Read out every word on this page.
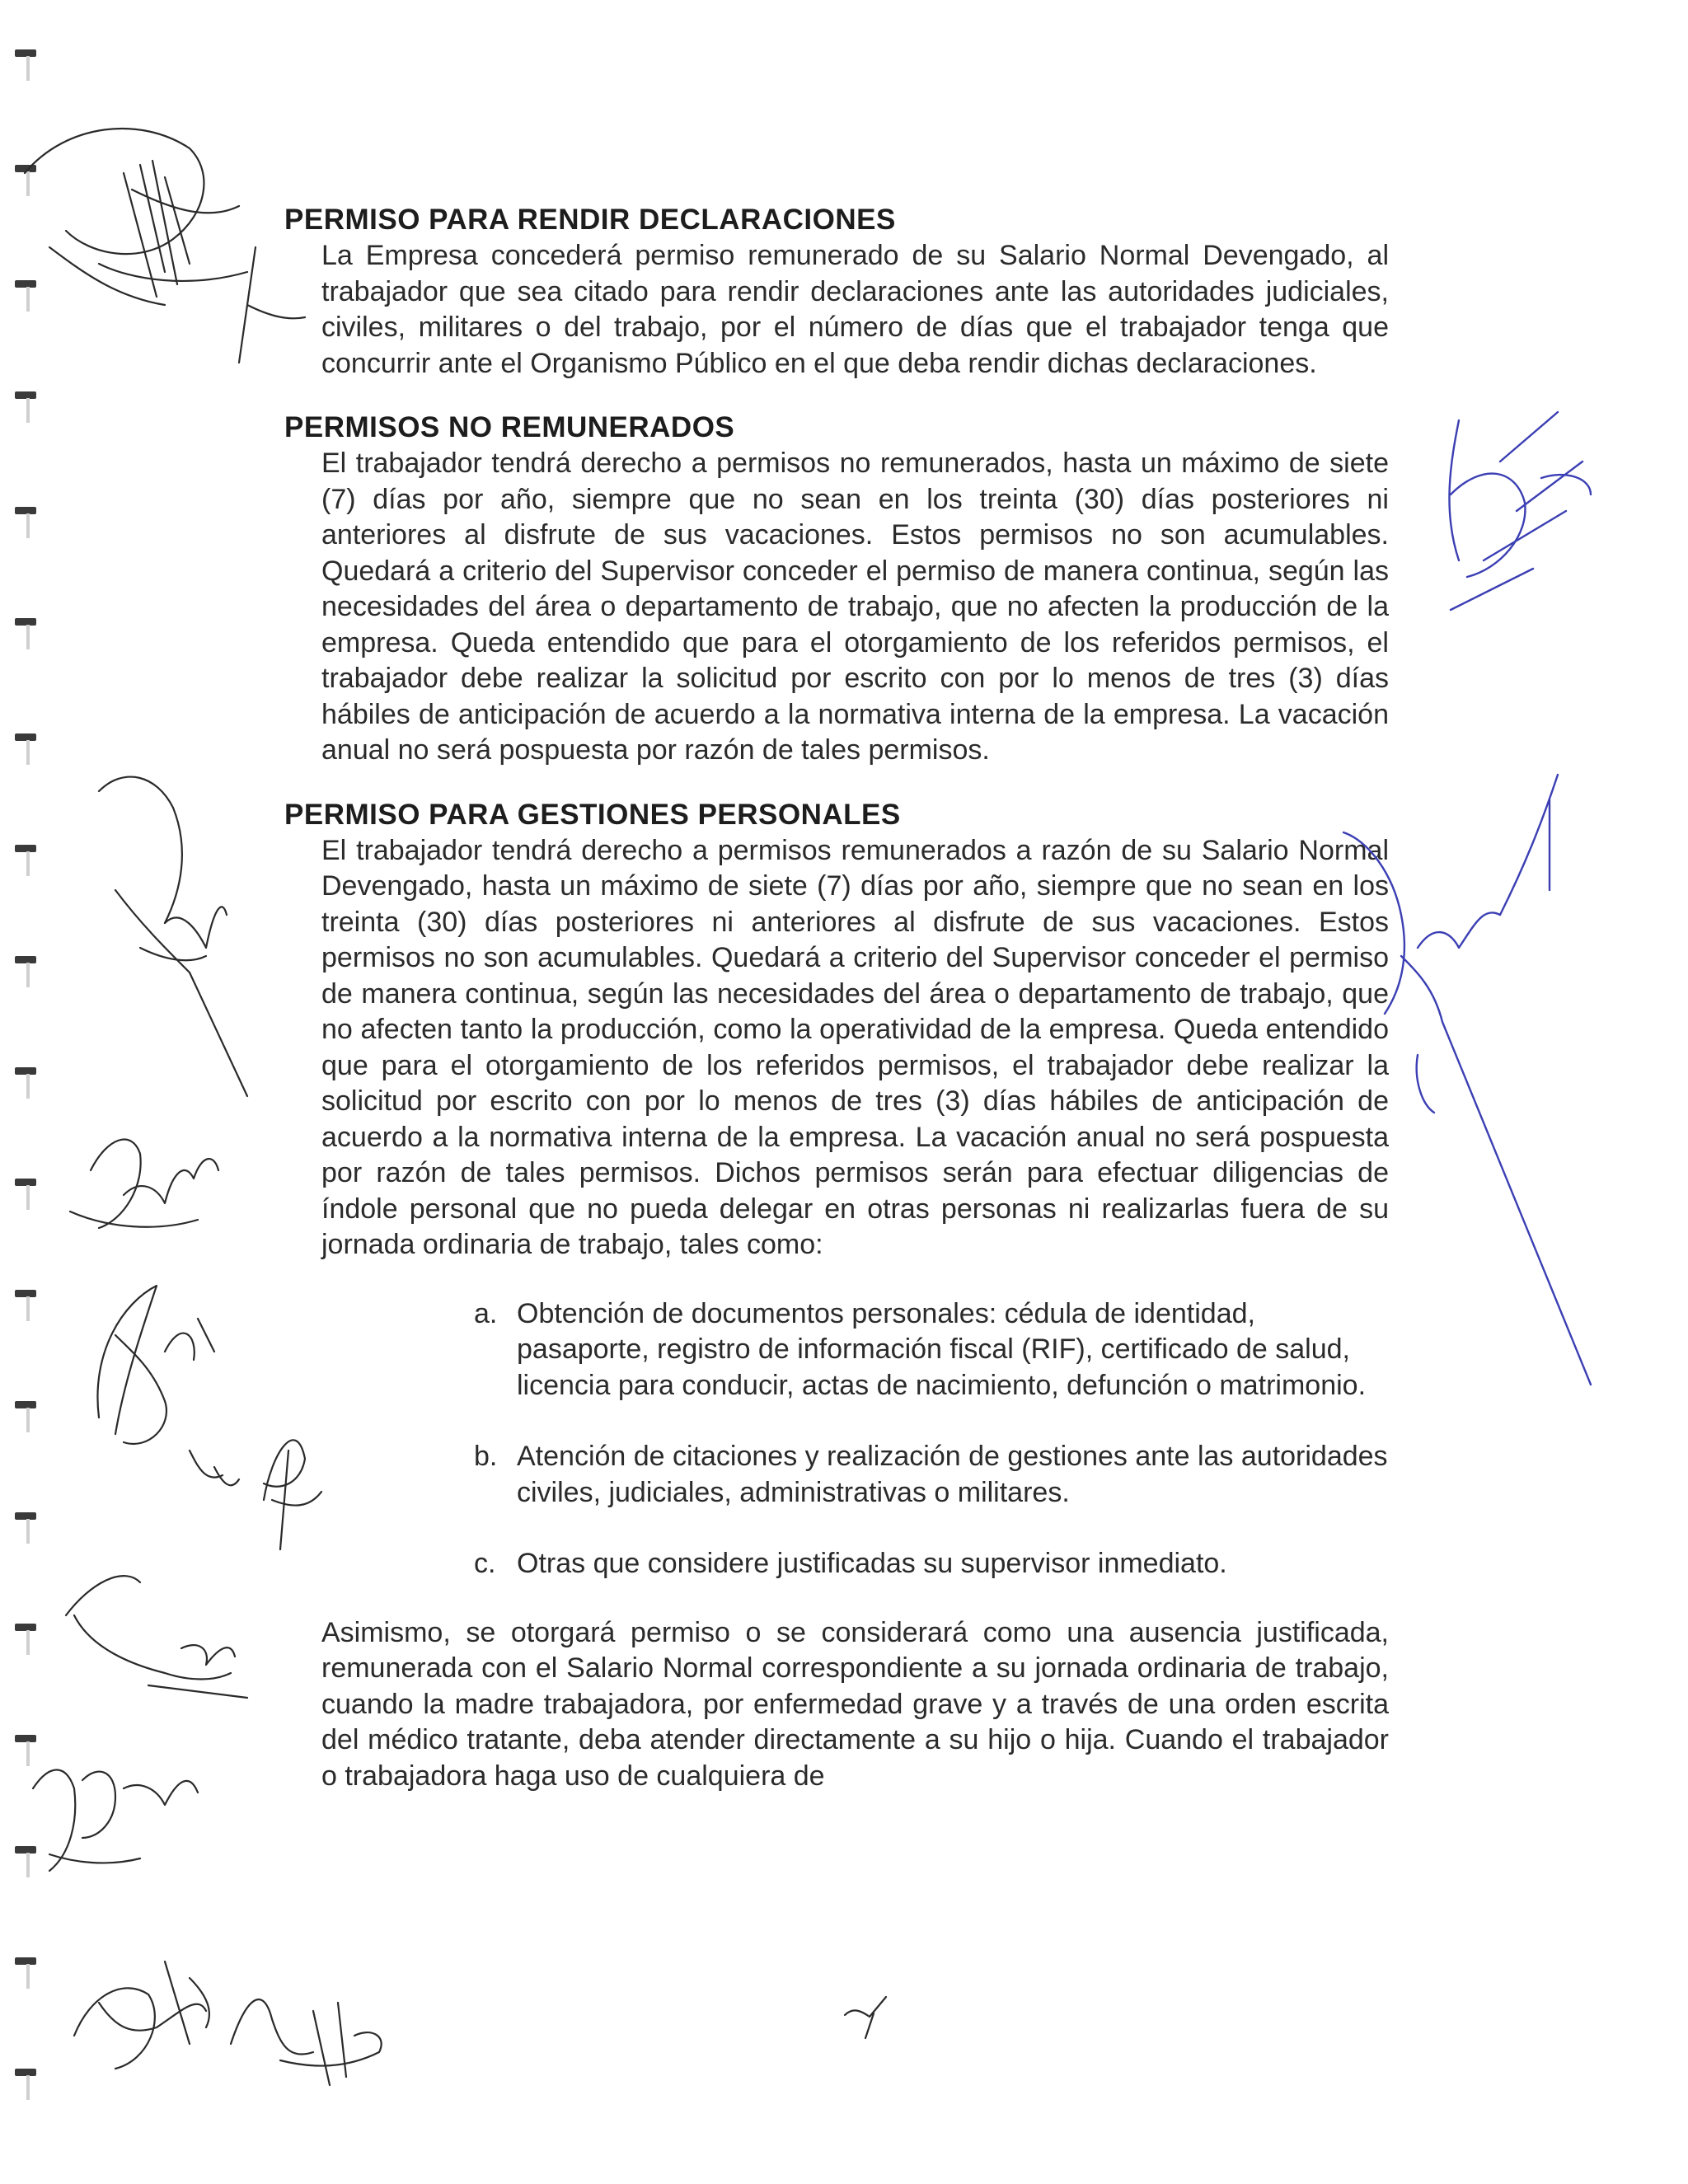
PERMISO PARA RENDIR DECLARACIONES

La Empresa concederá permiso remunerado de su Salario Normal Devengado, al trabajador que sea citado para rendir declaraciones ante las autoridades judiciales, civiles, militares o del trabajo, por el número de días que el trabajador tenga que concurrir ante el Organismo Público en el que deba rendir dichas declaraciones.

PERMISOS NO REMUNERADOS

El trabajador tendrá derecho a permisos no remunerados, hasta un máximo de siete (7) días por año, siempre que no sean en los treinta (30) días posteriores ni anteriores al disfrute de sus vacaciones. Estos permisos no son acumulables. Quedará a criterio del Supervisor conceder el permiso de manera continua, según las necesidades del área o departamento de trabajo, que no afecten la producción de la empresa. Queda entendido que para el otorgamiento de los referidos permisos, el trabajador debe realizar la solicitud por escrito con por lo menos de tres (3) días hábiles de anticipación de acuerdo a la normativa interna de la empresa. La vacación anual no será pospuesta por razón de tales permisos.

PERMISO PARA GESTIONES PERSONALES

El trabajador tendrá derecho a permisos remunerados a razón de su Salario Normal Devengado, hasta un máximo de siete (7) días por año, siempre que no sean en los treinta (30) días posteriores ni anteriores al disfrute de sus vacaciones. Estos permisos no son acumulables. Quedará a criterio del Supervisor conceder el permiso de manera continua, según las necesidades del área o departamento de trabajo, que no afecten tanto la producción, como la operatividad de la empresa. Queda entendido que para el otorgamiento de los referidos permisos, el trabajador debe realizar la solicitud por escrito con por lo menos de tres (3) días hábiles de anticipación de acuerdo a la normativa interna de la empresa. La vacación anual no será pospuesta por razón de tales permisos. Dichos permisos serán para efectuar diligencias de índole personal que no pueda delegar en otras personas ni realizarlas fuera de su jornada ordinaria de trabajo, tales como:

a. Obtención de documentos personales: cédula de identidad, pasaporte, registro de información fiscal (RIF), certificado de salud, licencia para conducir, actas de nacimiento, defunción o matrimonio.
b. Atención de citaciones y realización de gestiones ante las autoridades civiles, judiciales, administrativas o militares.
c. Otras que considere justificadas su supervisor inmediato.

Asimismo, se otorgará permiso o se considerará como una ausencia justificada, remunerada con el Salario Normal correspondiente a su jornada ordinaria de trabajo, cuando la madre trabajadora, por enfermedad grave y a través de una orden escrita del médico tratante, deba atender directamente a su hijo o hija. Cuando el trabajador o trabajadora haga uso de cualquiera de
